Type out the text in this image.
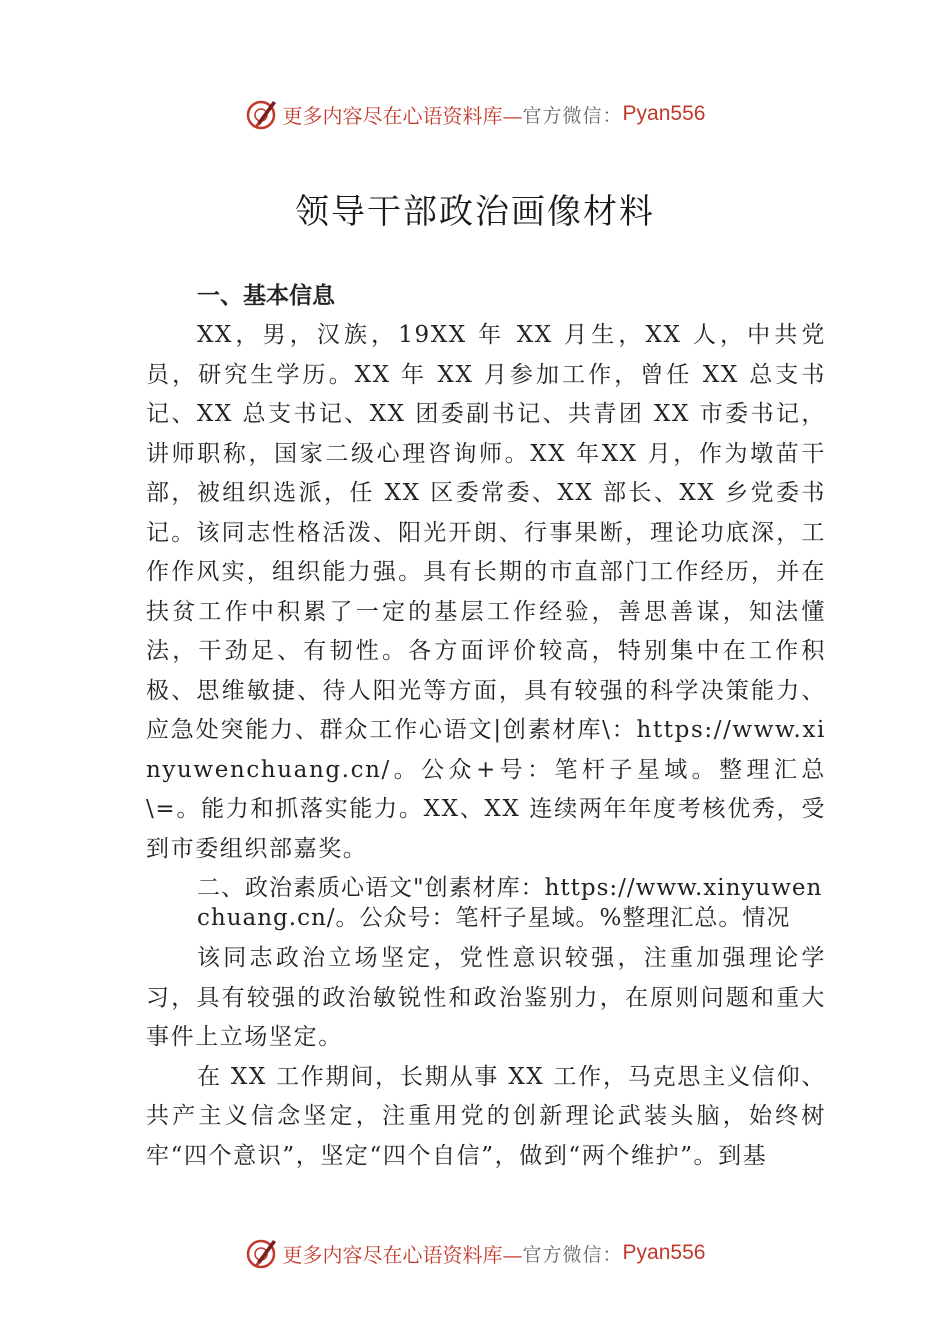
更多内容尽在心语资料库— 官方微信： Pyan556
领导干部政治画像材料
一、基本信息

XX，男，汉族，19XX 年 XX 月生，XX 人，中共党员，研究生学历。XX 年 XX 月参加工作，曾任 XX 总支书记、XX 总支书记、XX 团委副书记、共青团 XX 市委书记，讲师职称，国家二级心理咨询师。XX 年XX 月，作为墩苗干部，被组织选派，任 XX 区委常委、XX 部长、XX 乡党委书记。该同志性格活泼、阳光开朗、行事果断，理论功底深，工作作风实，组织能力强。具有长期的市直部门工作经历，并在扶贫工作中积累了一定的基层工作经验，善思善谋，知法懂法，干劲足、有韧性。各方面评价较高，特别集中在工作积极、思维敏捷、待人阳光等方面，具有较强的科学决策能力、应急处突能力、群众工作心语文|创素材库\：https://www.xinyuwenchuang.cn/。公众+号：笔杆子星域。整理汇总\=。能力和抓落实能力。XX、XX 连续两年年度考核优秀，受到市委组织部嘉奖。

二、政治素质心语文"创素材库：https://www.xinyuwenchuang.cn/。公众号：笔杆子星域。%整理汇总。情况

该同志政治立场坚定，党性意识较强，注重加强理论学习，具有较强的政治敏锐性和政治鉴别力，在原则问题和重大事件上立场坚定。

在 XX 工作期间，长期从事 XX 工作，马克思主义信仰、共产主义信念坚定，注重用党的创新理论武装头脑，始终树牢“四个意识”，坚定“四个自信”，做到“两个维护”。到基

更多内容尽在心语资料库— 官方微信： Pyan556
